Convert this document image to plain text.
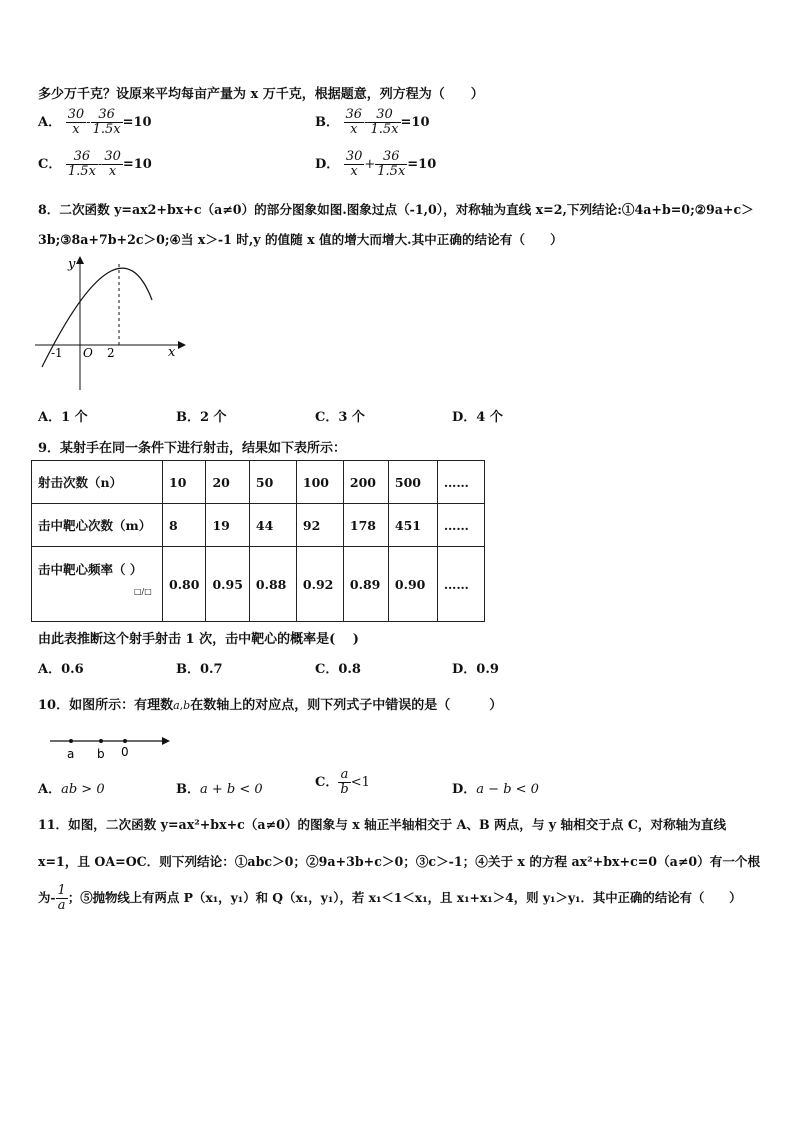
多少万千克？设原来平均每亩产量为 x 万千克，根据题意，列方程为（　　）
A． $\frac{30}{x} - \frac{36}{1.5x} =10$	B． $\frac{36}{x} - \frac{30}{1.5x} =10$
C． $\frac{36}{1.5x} - \frac{30}{x} =10$	D． $\frac{30}{x} + \frac{36}{1.5x} =10$
8．二次函数 y=ax2+bx+c（a≠0）的部分图象如图.图象过点（-1,0），对称轴为直线 x=2,下列结论:①4a+b=0;②9a+c＞
3b;③8a+7b+2c＞0;④当 x＞-1 时,y 的值随 x 值的增大而增大.其中正确的结论有（　　）
y
x
O
-1	2
A．1 个	B．2 个	C．3 个	D．4 个
9．某射手在同一条件下进行射击，结果如下表所示：
射击次数（n）	10	20	50	100	200	500	……
击中靶心次数（m）	8	19	44	92	178	451	……

击中靶心频率（ ）
□/□	0.80	0.95	0.88	0.92	0.89	0.90	……
由此表推断这个射手射击 1 次，击中靶心的概率是(　 )
A．0.6	B．0.7	C．0.8	D．0.9
10．如图所示：有理数a,b在数轴上的对应点，则下列式子中错误的是（　　　）
a b 0
A．ab > 0	B．a + b < 0	C． $\frac{a}{b} <1$	D．a − b < 0
11．如图，二次函数 y=ax²+bx+c（a≠0）的图象与 x 轴正半轴相交于 A、B 两点，与 y 轴相交于点 C，对称轴为直线
x=1，且 OA=OC．则下列结论：①abc＞0；②9a+3b+c＞0；③c＞-1；④关于 x 的方程 ax²+bx+c=0（a≠0）有一个根
为- $\frac{1}{a}$ ；⑤抛物线上有两点 P（x₁，y₁）和 Q（x₁，y₁），若 x₁＜1＜x₁，且 x₁+x₁＞4，则 y₁＞y₁．其中正确的结论有（　　）
